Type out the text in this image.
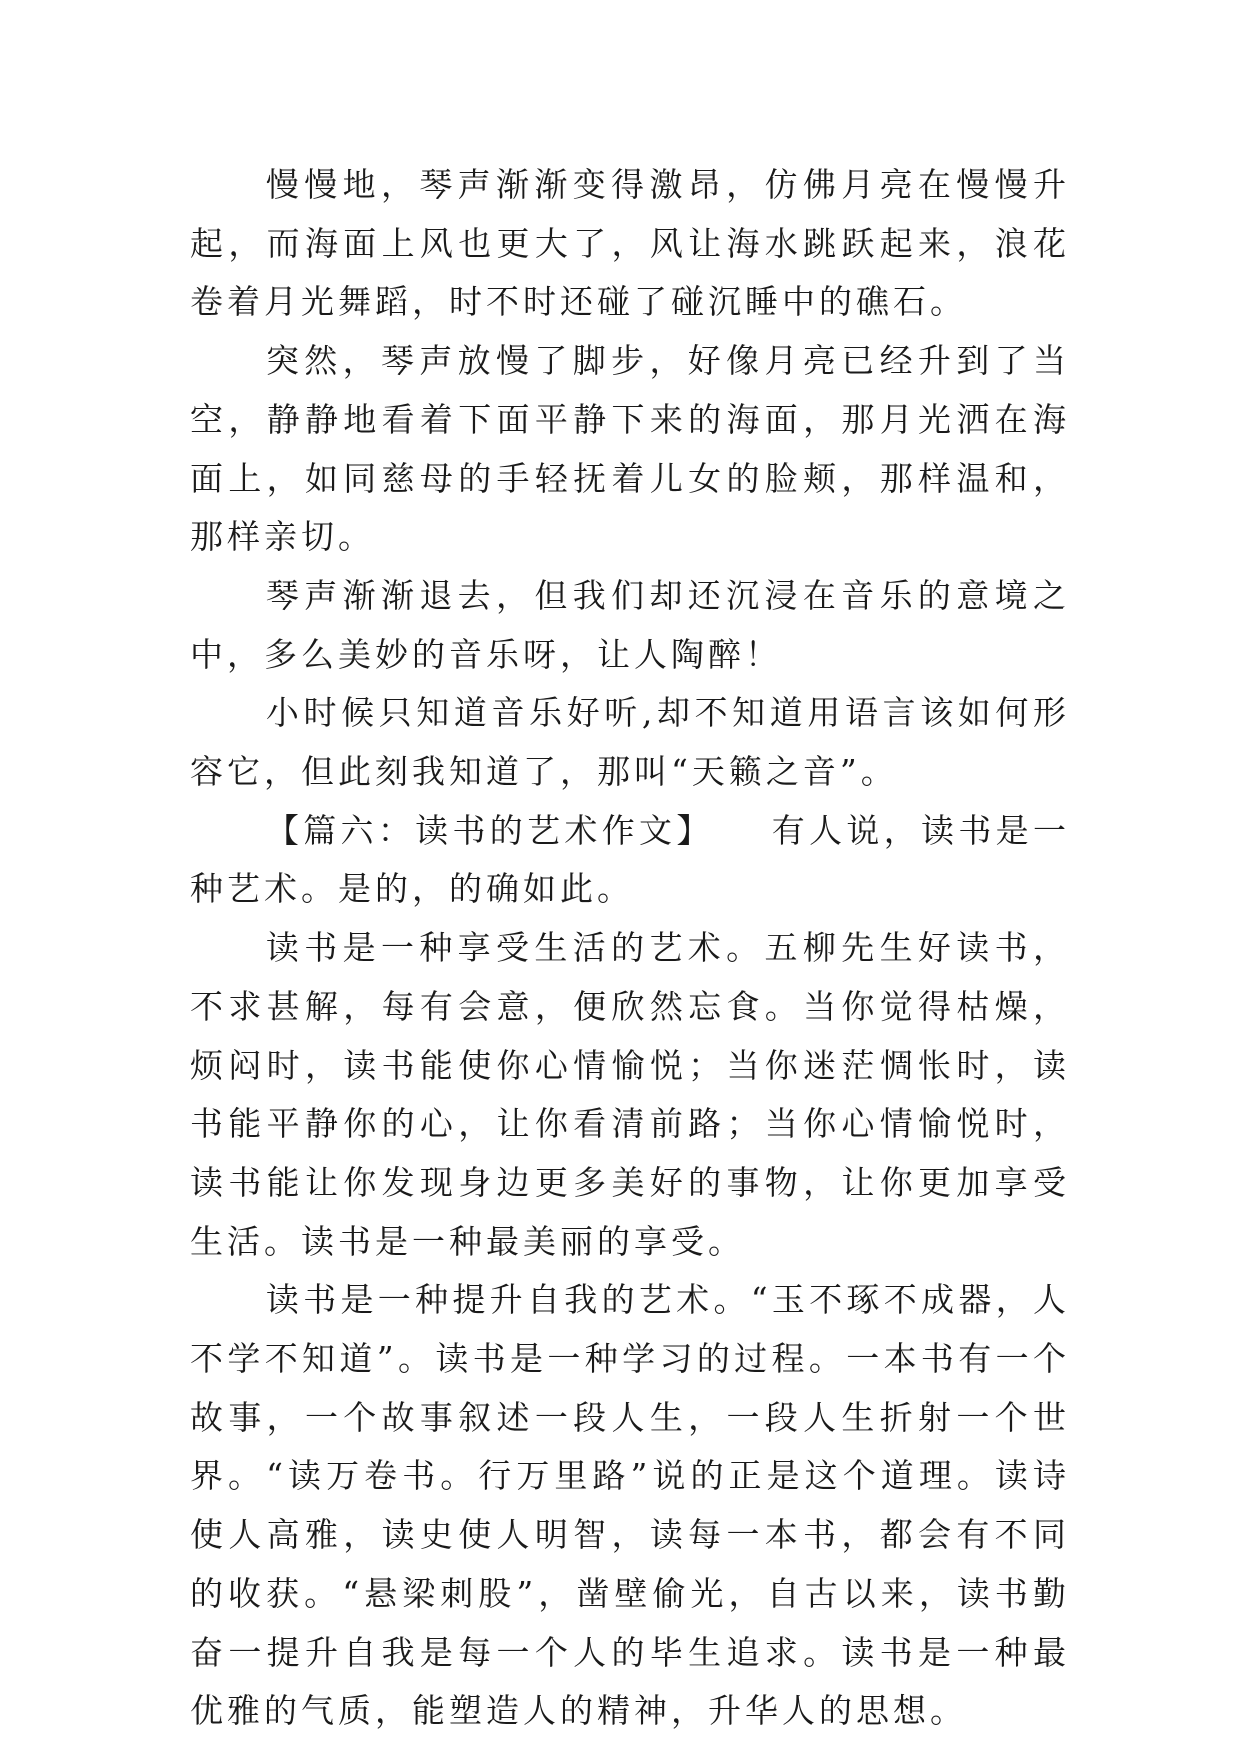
慢慢地，琴声渐渐变得激昂，仿佛月亮在慢慢升起，而海面上风也更大了，风让海水跳跃起来，浪花卷着月光舞蹈，时不时还碰了碰沉睡中的礁石。

突然，琴声放慢了脚步，好像月亮已经升到了当空，静静地看着下面平静下来的海面，那月光洒在海面上，如同慈母的手轻抚着儿女的脸颊，那样温和，那样亲切。

琴声渐渐退去，但我们却还沉浸在音乐的意境之中，多么美妙的音乐呀，让人陶醉！

小时候只知道音乐好听,却不知道用语言该如何形容它，但此刻我知道了，那叫“天籁之音”。

【篇六：读书的艺术作文】　　有人说，读书是一种艺术。是的，的确如此。

读书是一种享受生活的艺术。五柳先生好读书，不求甚解，每有会意，便欣然忘食。当你觉得枯燥，烦闷时，读书能使你心情愉悦；当你迷茫惆怅时，读书能平静你的心，让你看清前路；当你心情愉悦时，读书能让你发现身边更多美好的事物，让你更加享受生活。读书是一种最美丽的享受。

读书是一种提升自我的艺术。“玉不琢不成器，人不学不知道”。读书是一种学习的过程。一本书有一个故事，一个故事叙述一段人生，一段人生折射一个世界。“读万卷书。行万里路”说的正是这个道理。读诗使人高雅，读史使人明智，读每一本书，都会有不同的收获。“悬梁刺股”，凿壁偷光，自古以来，读书勤奋一提升自我是每一个人的毕生追求。读书是一种最优雅的气质，能塑造人的精神，升华人的思想。
